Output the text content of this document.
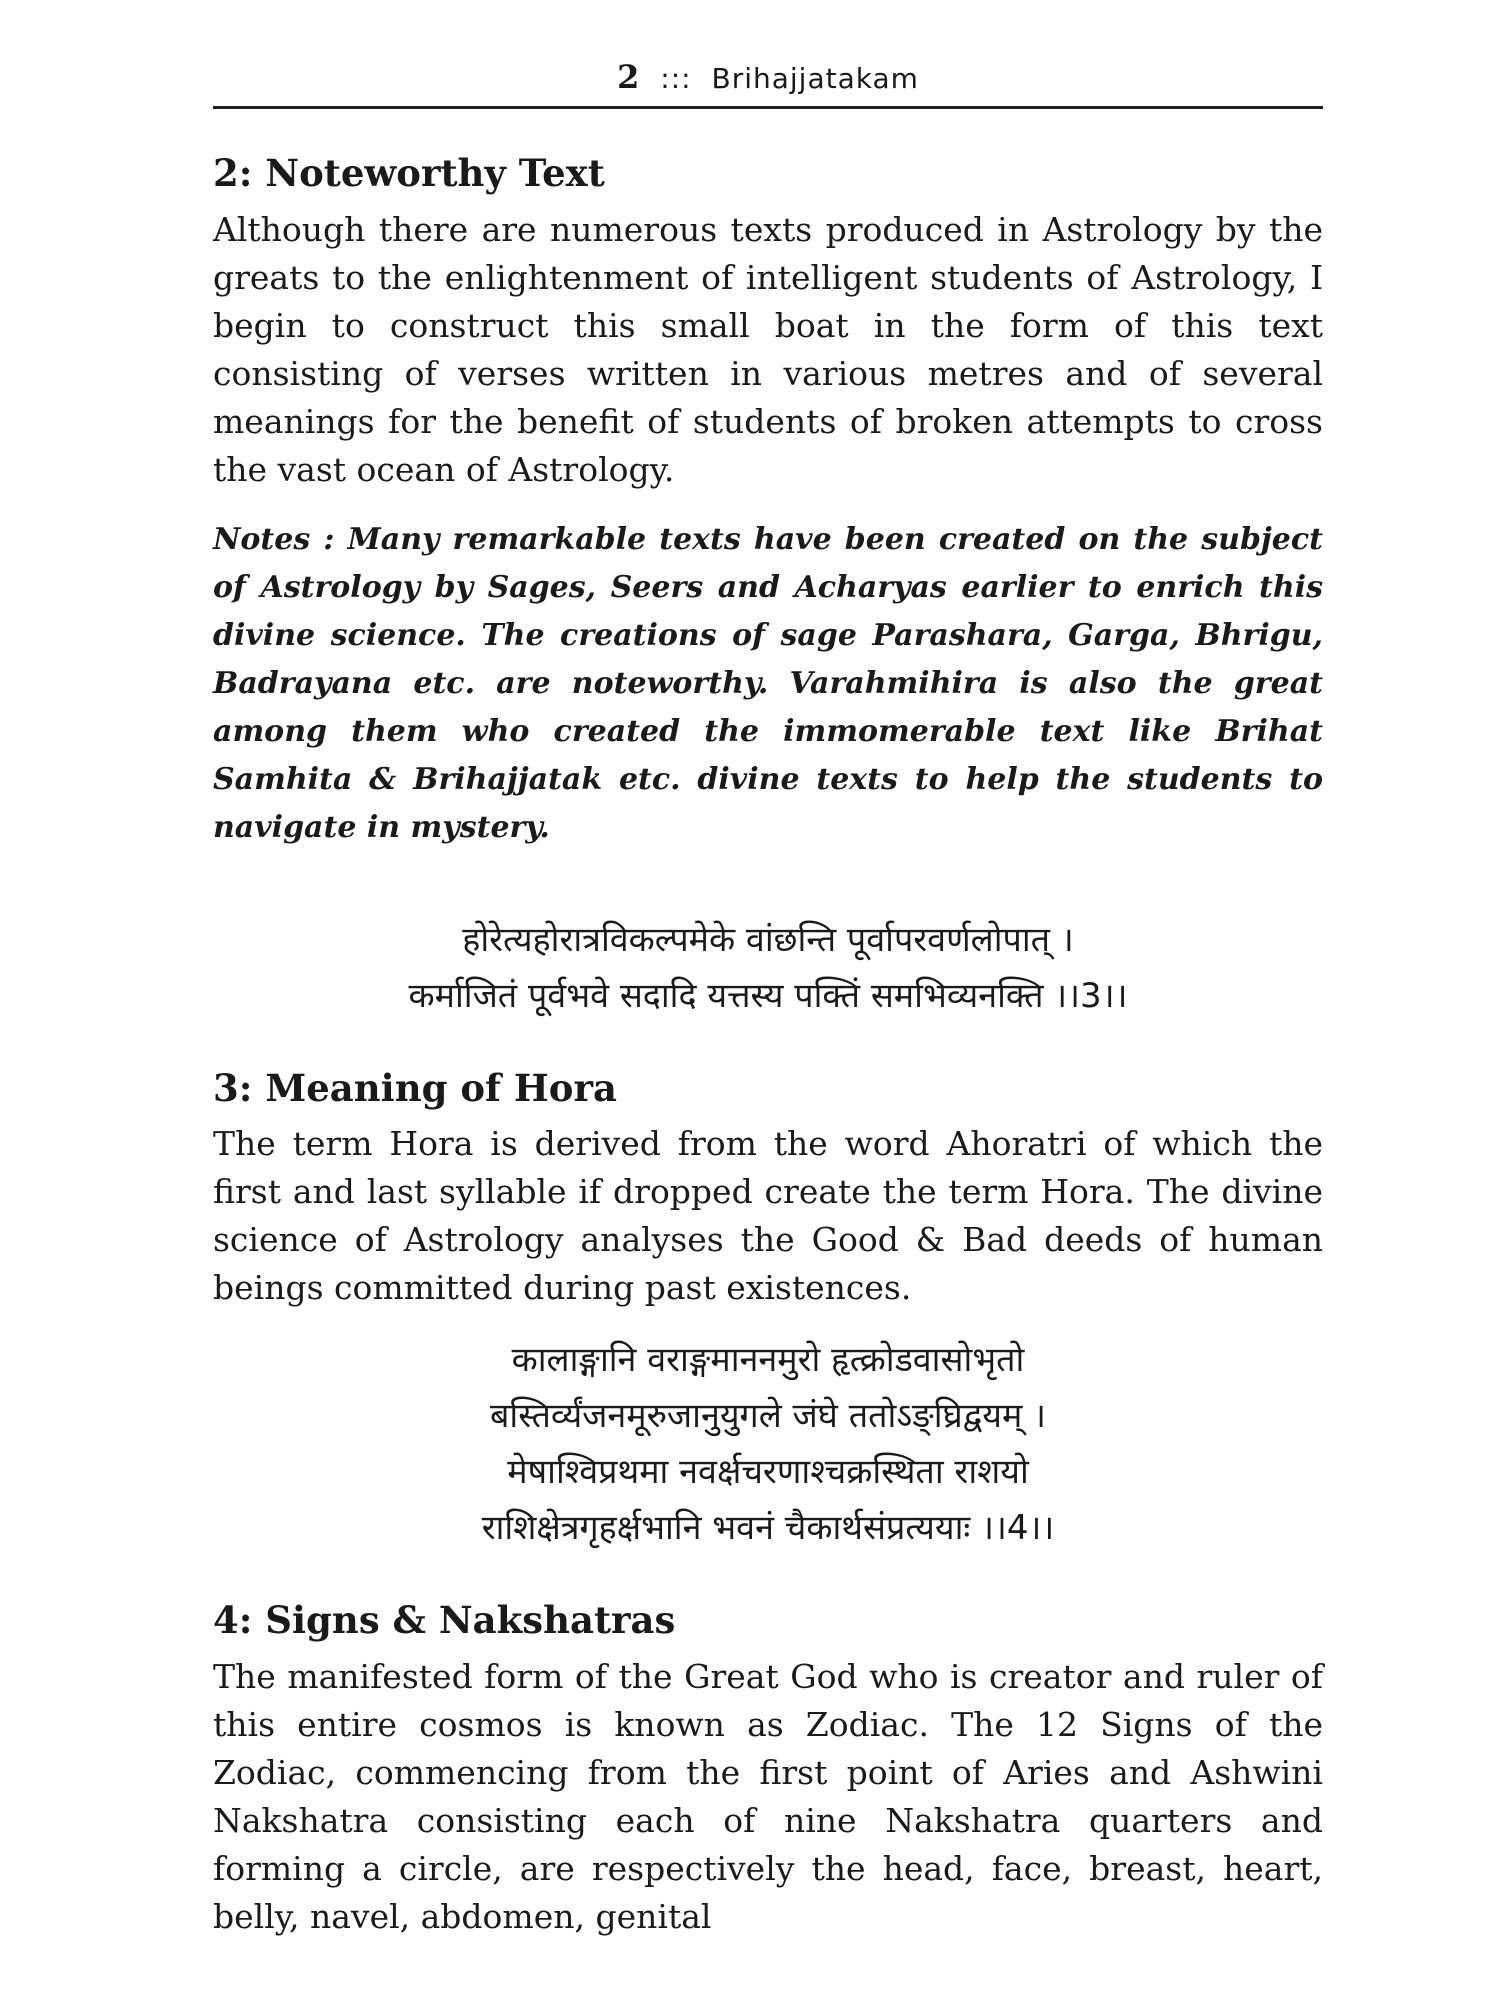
2 ::: Brihajjatakam
2: Noteworthy Text

Although there are numerous texts produced in Astrology by the greats to the enlightenment of intelligent students of Astrology, I begin to construct this small boat in the form of this text consisting of verses written in various metres and of several meanings for the benefit of students of broken attempts to cross the vast ocean of Astrology.

Notes : Many remarkable texts have been created on the subject of Astrology by Sages, Seers and Acharyas earlier to enrich this divine science. The creations of sage Parashara, Garga, Bhrigu, Badrayana etc. are noteworthy. Varahmihira is also the great among them who created the immomerable text like Brihat Samhita & Brihajjatak etc. divine texts to help the students to navigate in mystery.

होरेत्यहोरात्रविकल्पमेके वांछन्ति पूर्वापरवर्णलोपात् ।
कर्माजितं पूर्वभवे सदादि यत्तस्य पक्तिं समभिव्यनक्ति ।।3।।
3: Meaning of Hora

The term Hora is derived from the word Ahoratri of which the first and last syllable if dropped create the term Hora. The divine science of Astrology analyses the Good & Bad deeds of human beings committed during past existences.

कालाङ्गानि वराङ्गमाननमुरो हृत्क्रोडवासोभृतो
बस्तिर्व्यंजनमूरुजानुयुगले जंघे ततोऽङ्घ्रिद्वयम् ।
मेषाश्विप्रथमा नवर्क्षचरणाश्चक्रस्थिता राशयो
राशिक्षेत्रगृहर्क्षभानि भवनं चैकार्थसंप्रत्ययाः ।।4।।
4: Signs & Nakshatras

The manifested form of the Great God who is creator and ruler of this entire cosmos is known as Zodiac. The 12 Signs of the Zodiac, commencing from the first point of Aries and Ashwini Nakshatra consisting each of nine Nakshatra quarters and forming a circle, are respectively the head, face, breast, heart, belly, navel, abdomen, genital
